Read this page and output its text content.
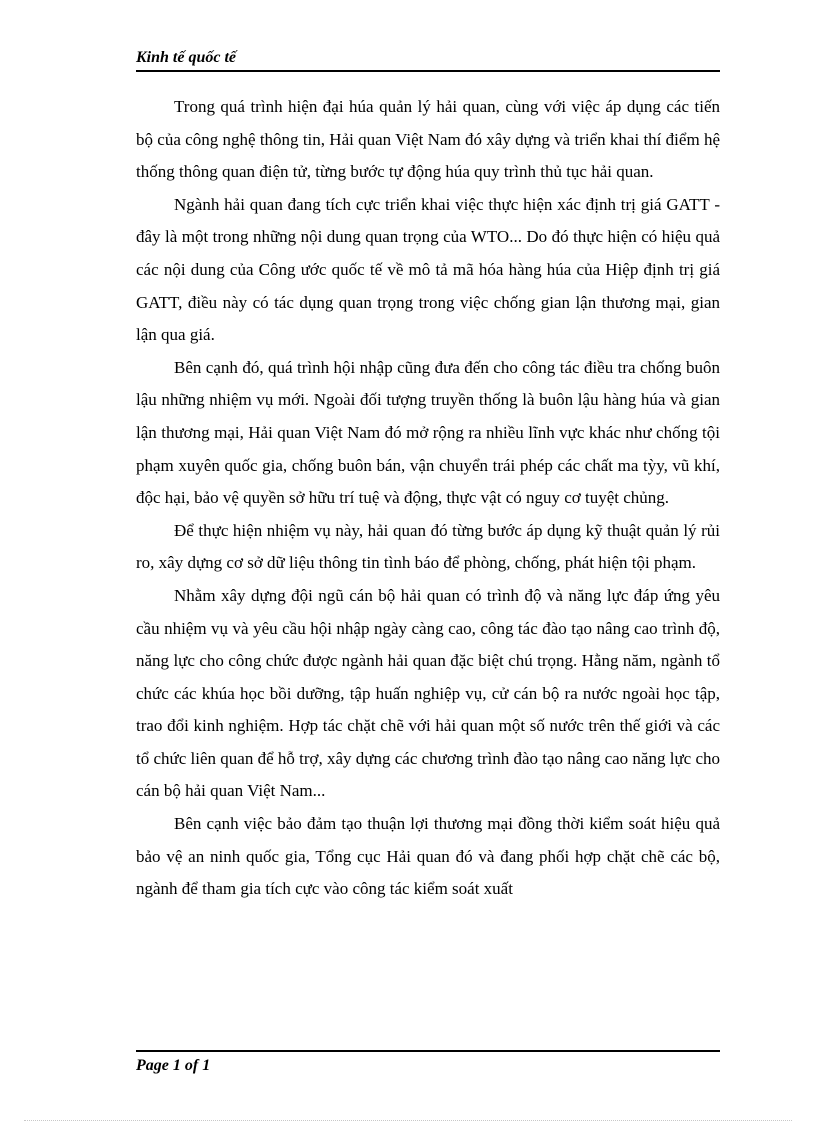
Kinh tế quốc tế

Trong quá trình hiện đại húa quản lý hải quan, cùng với việc áp dụng các tiến bộ của công nghệ thông tin, Hải quan Việt Nam đó xây dựng và triển khai thí điểm hệ thống thông quan điện tử, từng bước tự động húa quy trình thủ tục hải quan.

Ngành hải quan đang tích cực triển khai việc thực hiện xác định trị giá GATT - đây là một trong những nội dung quan trọng của WTO... Do đó thực hiện có hiệu quả các nội dung của Công ước quốc tế về mô tả mã hóa hàng húa của Hiệp định trị giá GATT, điều này có tác dụng quan trọng trong việc chống gian lận thương mại, gian lận qua giá.

Bên cạnh đó, quá trình hội nhập cũng đưa đến cho công tác điều tra chống buôn lậu những nhiệm vụ mới. Ngoài đối tượng truyền thống là buôn lậu hàng húa và gian lận thương mại, Hải quan Việt Nam đó mở rộng ra nhiều lĩnh vực khác như chống tội phạm xuyên quốc gia, chống buôn bán, vận chuyển trái phép các chất ma tỳy, vũ khí, độc hại, bảo vệ quyền sở hữu trí tuệ và động, thực vật có nguy cơ tuyệt chủng.

Để thực hiện nhiệm vụ này, hải quan đó từng bước áp dụng kỹ thuật quản lý rủi ro, xây dựng cơ sở dữ liệu thông tin tình báo để phòng, chống, phát hiện tội phạm.

Nhằm xây dựng đội ngũ cán bộ hải quan có trình độ và năng lực đáp ứng yêu cầu nhiệm vụ và yêu cầu hội nhập ngày càng cao, công tác đào tạo nâng cao trình độ, năng lực cho công chức được ngành hải quan đặc biệt chú trọng. Hằng năm, ngành tổ chức các khúa học bồi dưỡng, tập huấn nghiệp vụ, cử cán bộ ra nước ngoài học tập, trao đổi kinh nghiệm. Hợp tác chặt chẽ với hải quan một số nước trên thế giới và các tổ chức liên quan để hỗ trợ, xây dựng các chương trình đào tạo nâng cao năng lực cho cán bộ hải quan Việt Nam...

Bên cạnh việc bảo đảm tạo thuận lợi thương mại đồng thời kiểm soát hiệu quả bảo vệ an ninh quốc gia, Tổng cục Hải quan đó và đang phối hợp chặt chẽ các bộ, ngành để tham gia tích cực vào công tác kiểm soát xuất

Page 1 of 1
